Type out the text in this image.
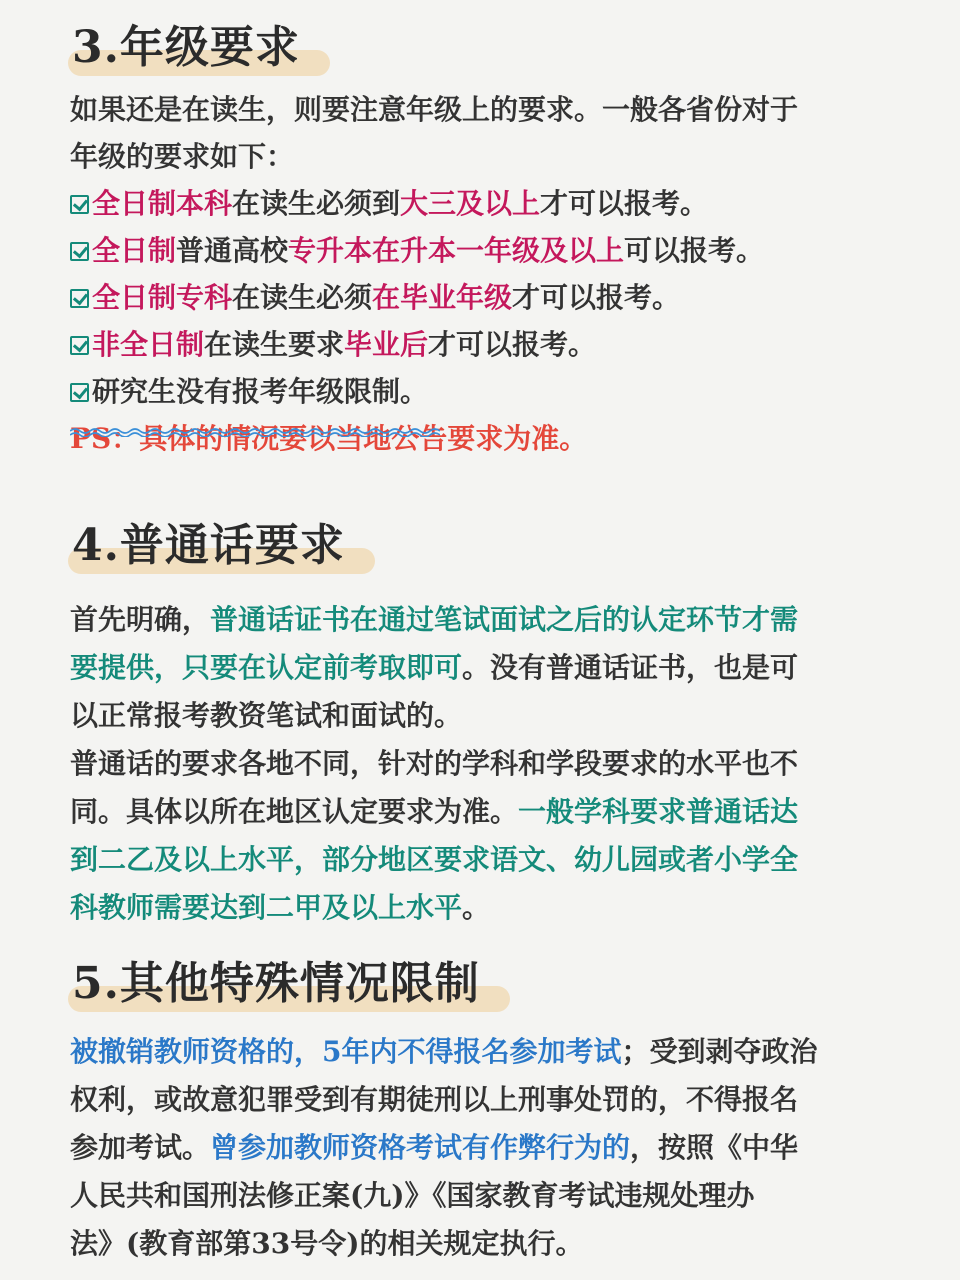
3.年级要求
如果还是在读生，则要注意年级上的要求。一般各省份对于
年级的要求如下：
全日制本科在读生必须到大三及以上才可以报考。
全日制普通高校专升本在升本一年级及以上可以报考。
全日制专科在读生必须在毕业年级才可以报考。
非全日制在读生要求毕业后才可以报考。
研究生没有报考年级限制。
PS：具体的情况要以当地公告要求为准。
4.普通话要求
首先明确，普通话证书在通过笔试面试之后的认定环节才需
要提供，只要在认定前考取即可。没有普通话证书，也是可
以正常报考教资笔试和面试的。
普通话的要求各地不同，针对的学科和学段要求的水平也不
同。具体以所在地区认定要求为准。一般学科要求普通话达
到二乙及以上水平，部分地区要求语文、幼儿园或者小学全
科教师需要达到二甲及以上水平。
5.其他特殊情况限制
被撤销教师资格的，5年内不得报名参加考试；受到剥夺政治
权利，或故意犯罪受到有期徒刑以上刑事处罚的，不得报名
参加考试。曾参加教师资格考试有作弊行为的，按照《中华
人民共和国刑法修正案(九)》《国家教育考试违规处理办
法》(教育部第33号令)的相关规定执行。
